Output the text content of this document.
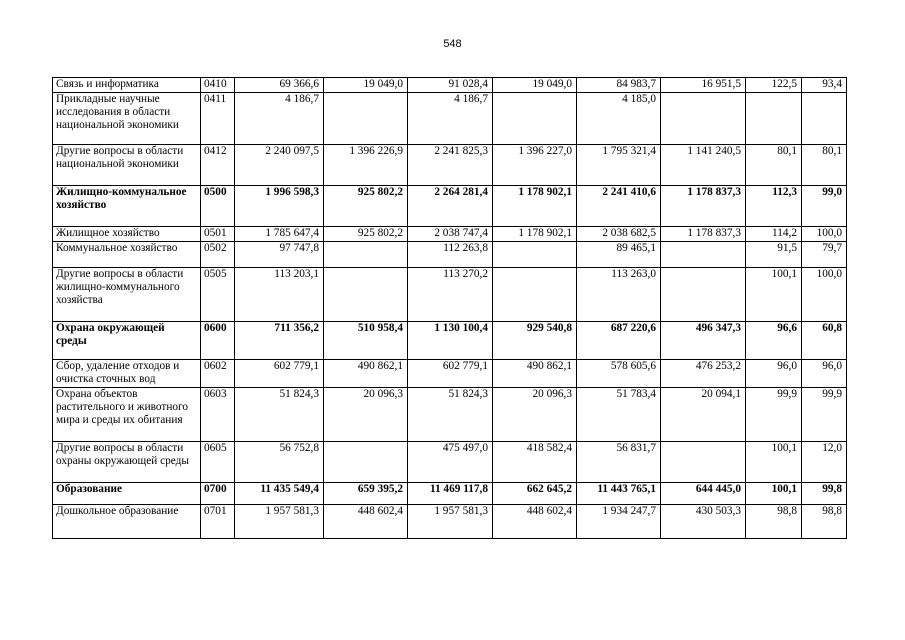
548
Связь и информатика	0410	69 366,6	19 049,0	91 028,4	19 049,0	84 983,7	16 951,5	122,5	93,4
Прикладные научные исследования в области национальной экономики	0411	4 186,7		4 186,7		4 185,0			
Другие вопросы в области национальной экономики	0412	2 240 097,5	1 396 226,9	2 241 825,3	1 396 227,0	1 795 321,4	1 141 240,5	80,1	80,1
Жилищно-коммунальное хозяйство	0500	1 996 598,3	925 802,2	2 264 281,4	1 178 902,1	2 241 410,6	1 178 837,3	112,3	99,0
Жилищное хозяйство	0501	1 785 647,4	925 802,2	2 038 747,4	1 178 902,1	2 038 682,5	1 178 837,3	114,2	100,0
Коммунальное хозяйство	0502	97 747,8		112 263,8		89 465,1		91,5	79,7
Другие вопросы в области жилищно-коммунального хозяйства	0505	113 203,1		113 270,2		113 263,0		100,1	100,0
Охрана окружающей среды	0600	711 356,2	510 958,4	1 130 100,4	929 540,8	687 220,6	496 347,3	96,6	60,8
Сбор, удаление отходов и очистка сточных вод	0602	602 779,1	490 862,1	602 779,1	490 862,1	578 605,6	476 253,2	96,0	96,0
Охрана объектов растительного и животного мира и среды их обитания	0603	51 824,3	20 096,3	51 824,3	20 096,3	51 783,4	20 094,1	99,9	99,9
Другие вопросы в области охраны окружающей среды	0605	56 752,8		475 497,0	418 582,4	56 831,7		100,1	12,0
Образование	0700	11 435 549,4	659 395,2	11 469 117,8	662 645,2	11 443 765,1	644 445,0	100,1	99,8
Дошкольное образование	0701	1 957 581,3	448 602,4	1 957 581,3	448 602,4	1 934 247,7	430 503,3	98,8	98,8
